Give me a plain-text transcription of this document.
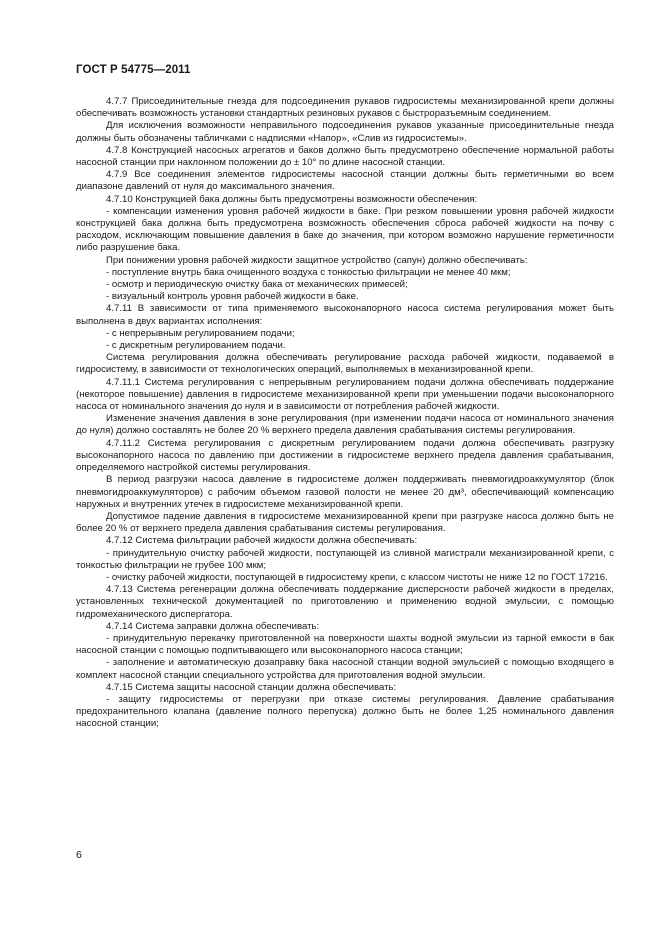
ГОСТ Р 54775—2011

4.7.7 Присоединительные гнезда для подсоединения рукавов гидросистемы механизированной крепи должны обеспечивать возможность установки стандартных резиновых рукавов с быстроразъемным соединением.

Для исключения возможности неправильного подсоединения рукавов указанные присоединительные гнезда должны быть обозначены табличками с надписями «Напор», «Слив из гидросистемы».

4.7.8 Конструкцией насосных агрегатов и баков должно быть предусмотрено обеспечение нормальной работы насосной станции при наклонном положении до ± 10° по длине насосной станции.

4.7.9 Все соединения элементов гидросистемы насосной станции должны быть герметичными во всем диапазоне давлений от нуля до максимального значения.

4.7.10 Конструкцией бака должны быть предусмотрены возможности обеспечения:

- компенсации изменения уровня рабочей жидкости в баке. При резком повышении уровня рабочей жидкости конструкцией бака должна быть предусмотрена возможность обеспечения сброса рабочей жидкости на почву с расходом, исключающим повышение давления в баке до значения, при котором возможно нарушение герметичности либо разрушение бака.

При понижении уровня рабочей жидкости защитное устройство (сапун) должно обеспечивать:

- поступление внутрь бака очищенного воздуха с тонкостью фильтрации не менее 40 мкм;

- осмотр и периодическую очистку бака от механических примесей;

- визуальный контроль уровня рабочей жидкости в баке.

4.7.11 В зависимости от типа применяемого высоконапорного насоса система регулирования может быть выполнена в двух вариантах исполнения:

- с непрерывным регулированием подачи;

- с дискретным регулированием подачи.

Система регулирования должна обеспечивать регулирование расхода рабочей жидкости, подаваемой в гидросистему, в зависимости от технологических операций, выполняемых в механизированной крепи.

4.7.11.1 Система регулирования с непрерывным регулированием подачи должна обеспечивать поддержание (некоторое повышение) давления в гидросистеме механизированной крепи при уменьшении подачи высоконапорного насоса от номинального значения до нуля и в зависимости от потребления рабочей жидкости.

Изменение значения давления в зоне регулирования (при изменении подачи насоса от номинального значения до нуля) должно составлять не более 20 % верхнего предела давления срабатывания системы регулирования.

4.7.11.2 Система регулирования с дискретным регулированием подачи должна обеспечивать разгрузку высоконапорного насоса по давлению при достижении в гидросистеме верхнего предела давления срабатывания, определяемого настройкой системы регулирования.

В период разгрузки насоса давление в гидросистеме должен поддерживать пневмогидроаккумулятор (блок пневмогидроаккумуляторов) с рабочим объемом газовой полости не менее 20 дм³, обеспечивающий компенсацию наружных и внутренних утечек в гидросистеме механизированной крепи.

Допустимое падение давления в гидросистеме механизированной крепи при разгрузке насоса должно быть не более 20 % от верхнего предела давления срабатывания системы регулирования.

4.7.12 Система фильтрации рабочей жидкости должна обеспечивать:

- принудительную очистку рабочей жидкости, поступающей из сливной магистрали механизированной крепи, с тонкостью фильтрации не грубее 100 мкм;

- очистку рабочей жидкости, поступающей в гидросистему крепи, с классом чистоты не ниже 12 по ГОСТ 17216.

4.7.13 Система регенерации должна обеспечивать поддержание дисперсности рабочей жидкости в пределах, установленных технической документацией по приготовлению и применению водной эмульсии, с помощью гидромеханического диспергатора.

4.7.14 Система заправки должна обеспечивать:

- принудительную перекачку приготовленной на поверхности шахты водной эмульсии из тарной емкости в бак насосной станции с помощью подпитывающего или высоконапорного насоса станции;

- заполнение и автоматическую дозаправку бака насосной станции водной эмульсией с помощью входящего в комплект насосной станции специального устройства для приготовления водной эмульсии.

4.7.15 Система защиты насосной станции должна обеспечивать:

- защиту гидросистемы от перегрузки при отказе системы регулирования. Давление срабатывания предохранительного клапана (давление полного перепуска) должно быть не более 1,25 номинального давления насосной станции;

6
